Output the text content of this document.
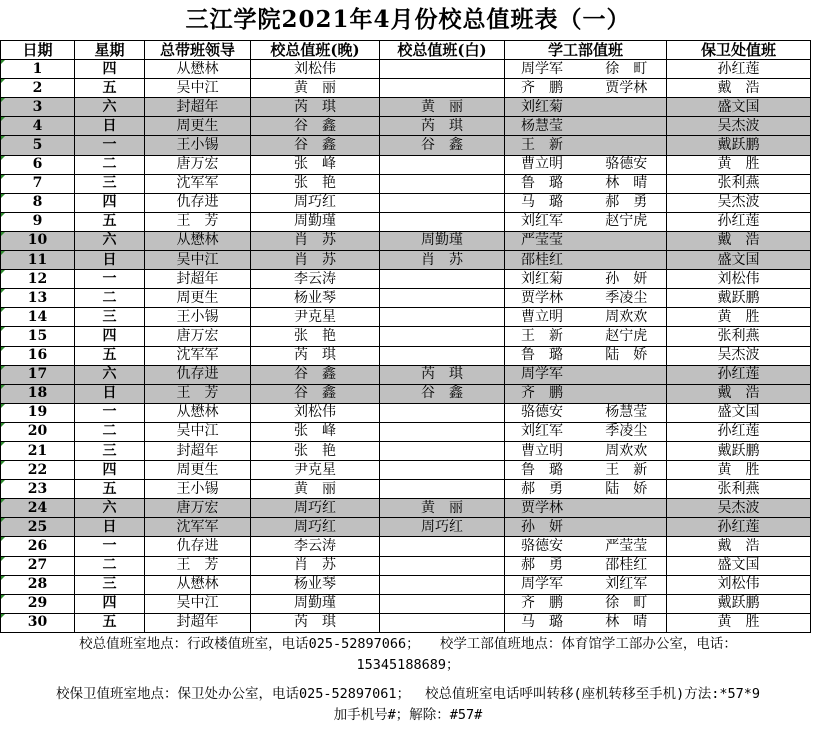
三江学院2021年4月份校总值班表（一）
日期	星期	总带班领导	校总值班(晚)	校总值班(白)	学工部值班		保卫处值班
1	四	从懋林	刘松伟		周学军	徐　町	孙红莲
2	五	吴中江	黄　丽		齐　鹏	贾学林	戴　浩
3	六	封超年	芮　琪	黄　丽	刘红菊		盛文国
4	日	周更生	谷　鑫	芮　琪	杨慧莹		吴杰波
5	一	王小锡	谷　鑫	谷　鑫	王　新		戴跃鹏
6	二	唐万宏	张　峰		曹立明	骆德安	黄　胜
7	三	沈军军	张　艳		鲁　璐	林　晴	张利燕
8	四	仇存进	周巧红		马　璐	郝　勇	吴杰波
9	五	王　芳	周勤瑾		刘红军	赵宁虎	孙红莲
10	六	从懋林	肖　苏	周勤瑾	严莹莹		戴　浩
11	日	吴中江	肖　苏	肖　苏	邵桂红		盛文国
12	一	封超年	李云涛		刘红菊	孙　妍	刘松伟
13	二	周更生	杨业琴		贾学林	季凌尘	戴跃鹏
14	三	王小锡	尹克星		曹立明	周欢欢	黄　胜
15	四	唐万宏	张　艳		王　新	赵宁虎	张利燕
16	五	沈军军	芮　琪		鲁　璐	陆　娇	吴杰波
17	六	仇存进	谷　鑫	芮　琪	周学军		孙红莲
18	日	王　芳	谷　鑫	谷　鑫	齐　鹏		戴　浩
19	一	从懋林	刘松伟		骆德安	杨慧莹	盛文国
20	二	吴中江	张　峰		刘红军	季凌尘	孙红莲
21	三	封超年	张　艳		曹立明	周欢欢	戴跃鹏
22	四	周更生	尹克星		鲁　璐	王　新	黄　胜
23	五	王小锡	黄　丽		郝　勇	陆　娇	张利燕
24	六	唐万宏	周巧红	黄　丽	贾学林		吴杰波
25	日	沈军军	周巧红	周巧红	孙　妍		孙红莲
26	一	仇存进	李云涛		骆德安	严莹莹	戴　浩
27	二	王　芳	肖　苏		郝　勇	邵桂红	盛文国
28	三	从懋林	杨业琴		周学军	刘红军	刘松伟
29	四	吴中江	周勤瑾		齐　鹏	徐　町	戴跃鹏
30	五	封超年	芮　琪		马　璐	林　晴	黄　胜
校总值班室地点：行政楼值班室，电话025-52897066；　　校学工部值班地点：体育馆学工部办公室，电话：
15345188689；
校保卫值班室地点：保卫处办公室，电话025-52897061；　 校总值班室电话呼叫转移(座机转移至手机)方法:*57*9
加手机号#；解除：#57#
